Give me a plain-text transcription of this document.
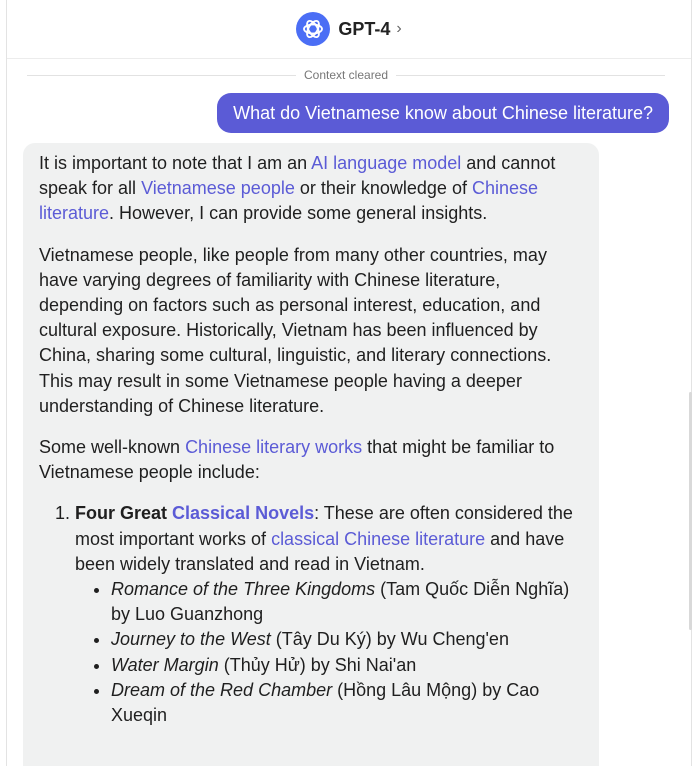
GPT-4 ›
Context cleared
What do Vietnamese know about Chinese literature?

It is important to note that I am an AI language model and cannot speak for all Vietnamese people or their knowledge of Chinese literature. However, I can provide some general insights.

Vietnamese people, like people from many other countries, may have varying degrees of familiarity with Chinese literature, depending on factors such as personal interest, education, and cultural exposure. Historically, Vietnam has been influenced by China, sharing some cultural, linguistic, and literary connections. This may result in some Vietnamese people having a deeper understanding of Chinese literature.

Some well-known Chinese literary works that might be familiar to Vietnamese people include:

1. Four Great Classical Novels: These are often considered the most important works of classical Chinese literature and have been widely translated and read in Vietnam.
• Romance of the Three Kingdoms (Tam Quốc Diễn Nghĩa) by Luo Guanzhong
• Journey to the West (Tây Du Ký) by Wu Cheng'en
• Water Margin (Thủy Hử) by Shi Nai'an
• Dream of the Red Chamber (Hồng Lâu Mộng) by Cao Xueqin
